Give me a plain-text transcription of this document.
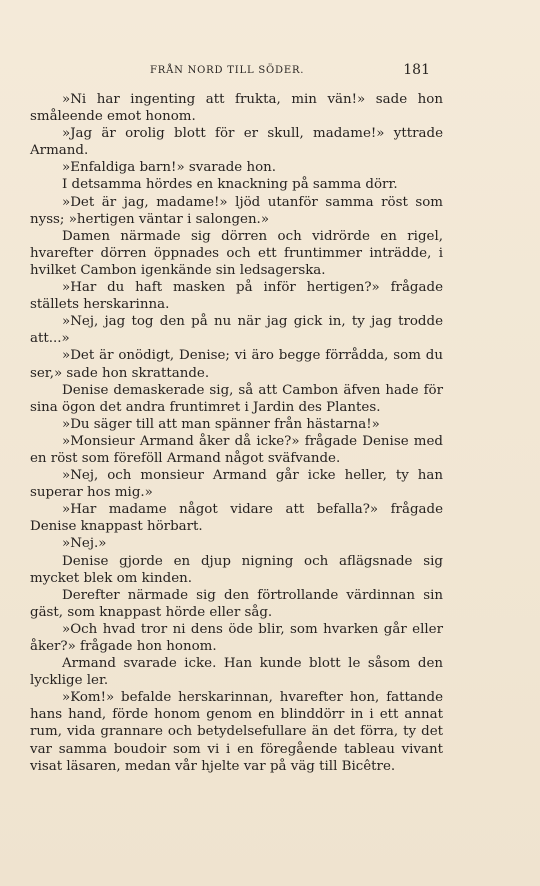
FRÅN NORD TILL SÖDER.	181

»Ni har ingenting att frukta, min vän!» sade hon småleende emot honom.

»Jag är orolig blott för er skull, madame!» yttrade Armand.

»Enfaldiga barn!» svarade hon.

I detsamma hördes en knackning på samma dörr.

»Det är jag, madame!» ljöd utanför samma röst som nyss; »hertigen väntar i salongen.»

Damen närmade sig dörren och vidrörde en rigel, hvarefter dörren öppnades och ett fruntimmer inträdde, i hvilket Cambon igenkände sin ledsagerska.

»Har du haft masken på inför hertigen?» frågade ställets herskarinna.

»Nej, jag tog den på nu när jag gick in, ty jag trodde att...»

»Det är onödigt, Denise; vi äro begge förrådda, som du ser,» sade hon skrattande.

Denise demaskerade sig, så att Cambon äfven hade för sina ögon det andra fruntimret i Jardin des Plantes.

»Du säger till att man spänner från hästarna!»

»Monsieur Armand åker då icke?» frågade Denise med en röst som föreföll Armand något sväfvande.

»Nej, och monsieur Armand går icke heller, ty han superar hos mig.»

»Har madame något vidare att befalla?» frågade Denise knappast hörbart.

»Nej.»

Denise gjorde en djup nigning och aflägsnade sig mycket blek om kinden.

Derefter närmade sig den förtrollande värdinnan sin gäst, som knappast hörde eller såg.

»Och hvad tror ni dens öde blir, som hvarken går eller åker?» frågade hon honom.

Armand svarade icke. Han kunde blott le såsom den lycklige ler.

»Kom!» befalde herskarinnan, hvarefter hon, fattande hans hand, förde honom genom en blinddörr in i ett annat rum, vida grannare och betydelsefullare än det förra, ty det var samma boudoir som vi i en föregående tableau vivant visat läsaren, medan vår hjelte var på väg till Bicêtre.
